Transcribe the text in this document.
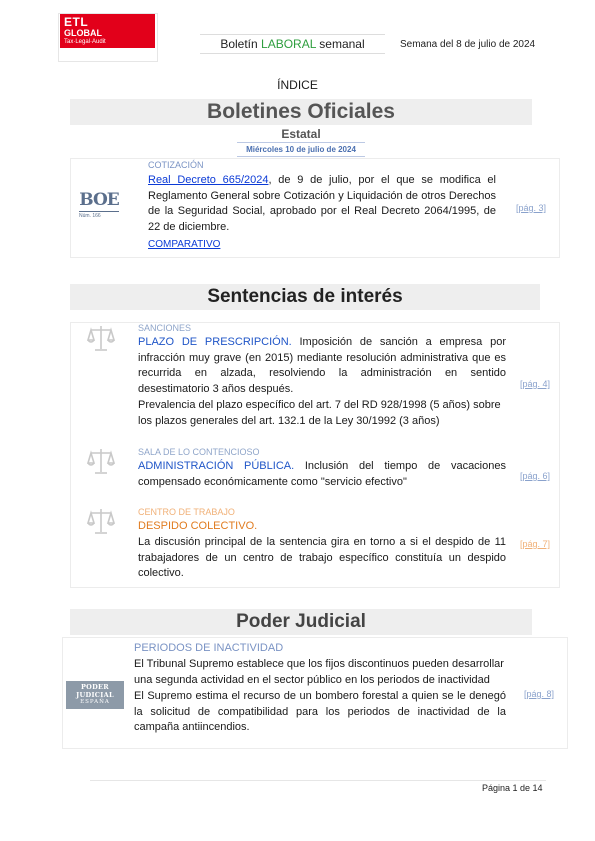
ETL
GLOBAL
Tax·Legal·Audit	Boletín LABORAL semanal	Semana del 8 de julio de 2024
ÍNDICE
Boletines Oficiales
Estatal
Miércoles 10 de julio de 2024
BOE
Núm. 166
COTIZACIÓN
Real Decreto 665/2024, de 9 de julio, por el que se modifica el Reglamento General sobre Cotización y Liquidación de otros Derechos de la Seguridad Social, aprobado por el Real Decreto 2064/1995, de 22 de diciembre.
COMPARATIVO
[pág. 3]
Sentencias de interés
SANCIONES
PLAZO DE PRESCRIPCIÓN. Imposición de sanción a empresa por infracción muy grave (en 2015) mediante resolución administrativa que es recurrida en alzada, resolviendo la administración en sentido desestimatorio 3 años después.
Prevalencia del plazo específico del art. 7 del RD 928/1998 (5 años) sobre los plazos generales del art. 132.1 de la Ley 30/1992 (3 años)
[pág. 4]
SALA DE LO CONTENCIOSO
ADMINISTRACIÓN PÚBLICA. Inclusión del tiempo de vacaciones compensado económicamente como "servicio efectivo"	[pág. 6]
CENTRO DE TRABAJO
DESPIDO COLECTIVO.
La discusión principal de la sentencia gira en torno a si el despido de 11 trabajadores de un centro de trabajo específico constituía un despido colectivo.
[pág. 7]
Poder Judicial
PODER
JUDICIAL
ESPAÑA
PERIODOS DE INACTIVIDAD
El Tribunal Supremo establece que los fijos discontinuos pueden desarrollar una segunda actividad en el sector público en los periodos de inactividad
El Supremo estima el recurso de un bombero forestal a quien se le denegó la solicitud de compatibilidad para los periodos de inactividad de la campaña antiincendios.
[pág. 8]
Página 1 de 14
